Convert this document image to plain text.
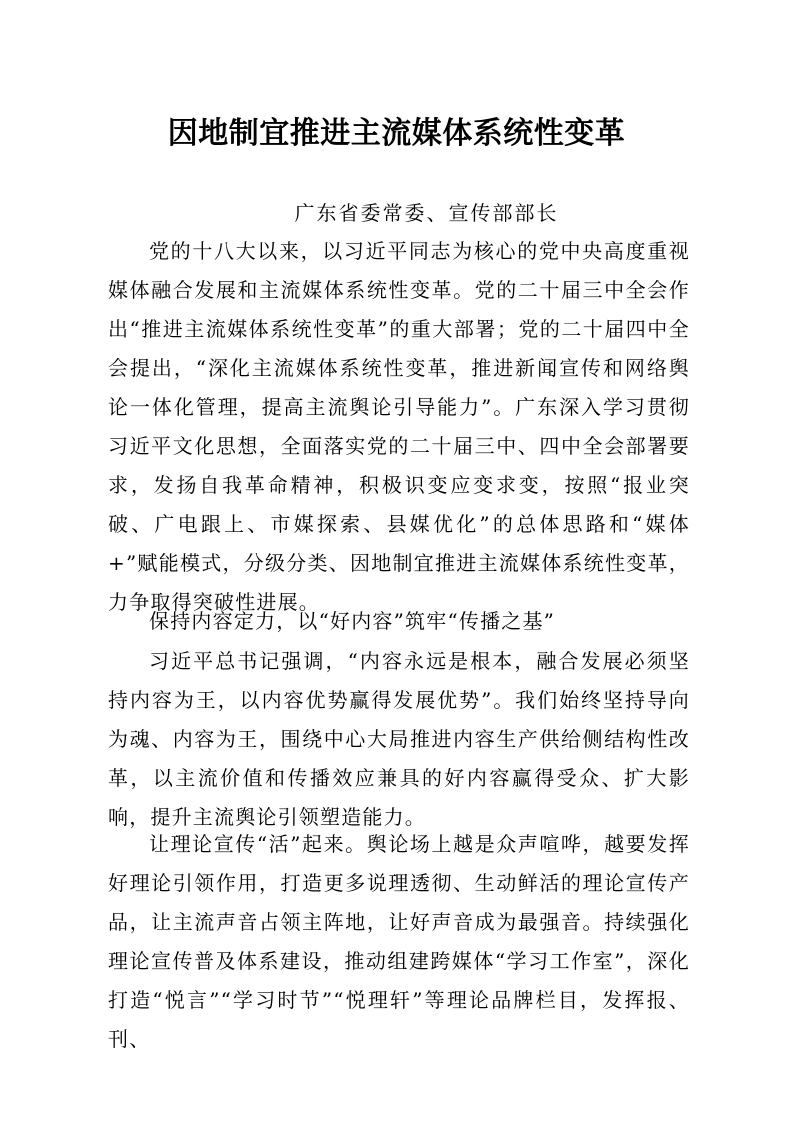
因地制宜推进主流媒体系统性变革
广东省委常委、宣传部部长

党的十八大以来，以习近平同志为核心的党中央高度重视媒体融合发展和主流媒体系统性变革。党的二十届三中全会作出“推进主流媒体系统性变革”的重大部署；党的二十届四中全会提出，“深化主流媒体系统性变革，推进新闻宣传和网络舆论一体化管理，提高主流舆论引导能力”。广东深入学习贯彻习近平文化思想，全面落实党的二十届三中、四中全会部署要求，发扬自我革命精神，积极识变应变求变，按照“报业突破、广电跟上、市媒探索、县媒优化”的总体思路和“媒体+”赋能模式，分级分类、因地制宜推进主流媒体系统性变革，力争取得突破性进展。

保持内容定力，以“好内容”筑牢“传播之基”

习近平总书记强调，“内容永远是根本，融合发展必须坚持内容为王，以内容优势赢得发展优势”。我们始终坚持导向为魂、内容为王，围绕中心大局推进内容生产供给侧结构性改革，以主流价值和传播效应兼具的好内容赢得受众、扩大影响，提升主流舆论引领塑造能力。

让理论宣传“活”起来。舆论场上越是众声喧哗，越要发挥好理论引领作用，打造更多说理透彻、生动鲜活的理论宣传产品，让主流声音占领主阵地，让好声音成为最强音。持续强化理论宣传普及体系建设，推动组建跨媒体“学习工作室”，深化打造“悦言”“学习时节”“悦理轩”等理论品牌栏目，发挥报、刊、
